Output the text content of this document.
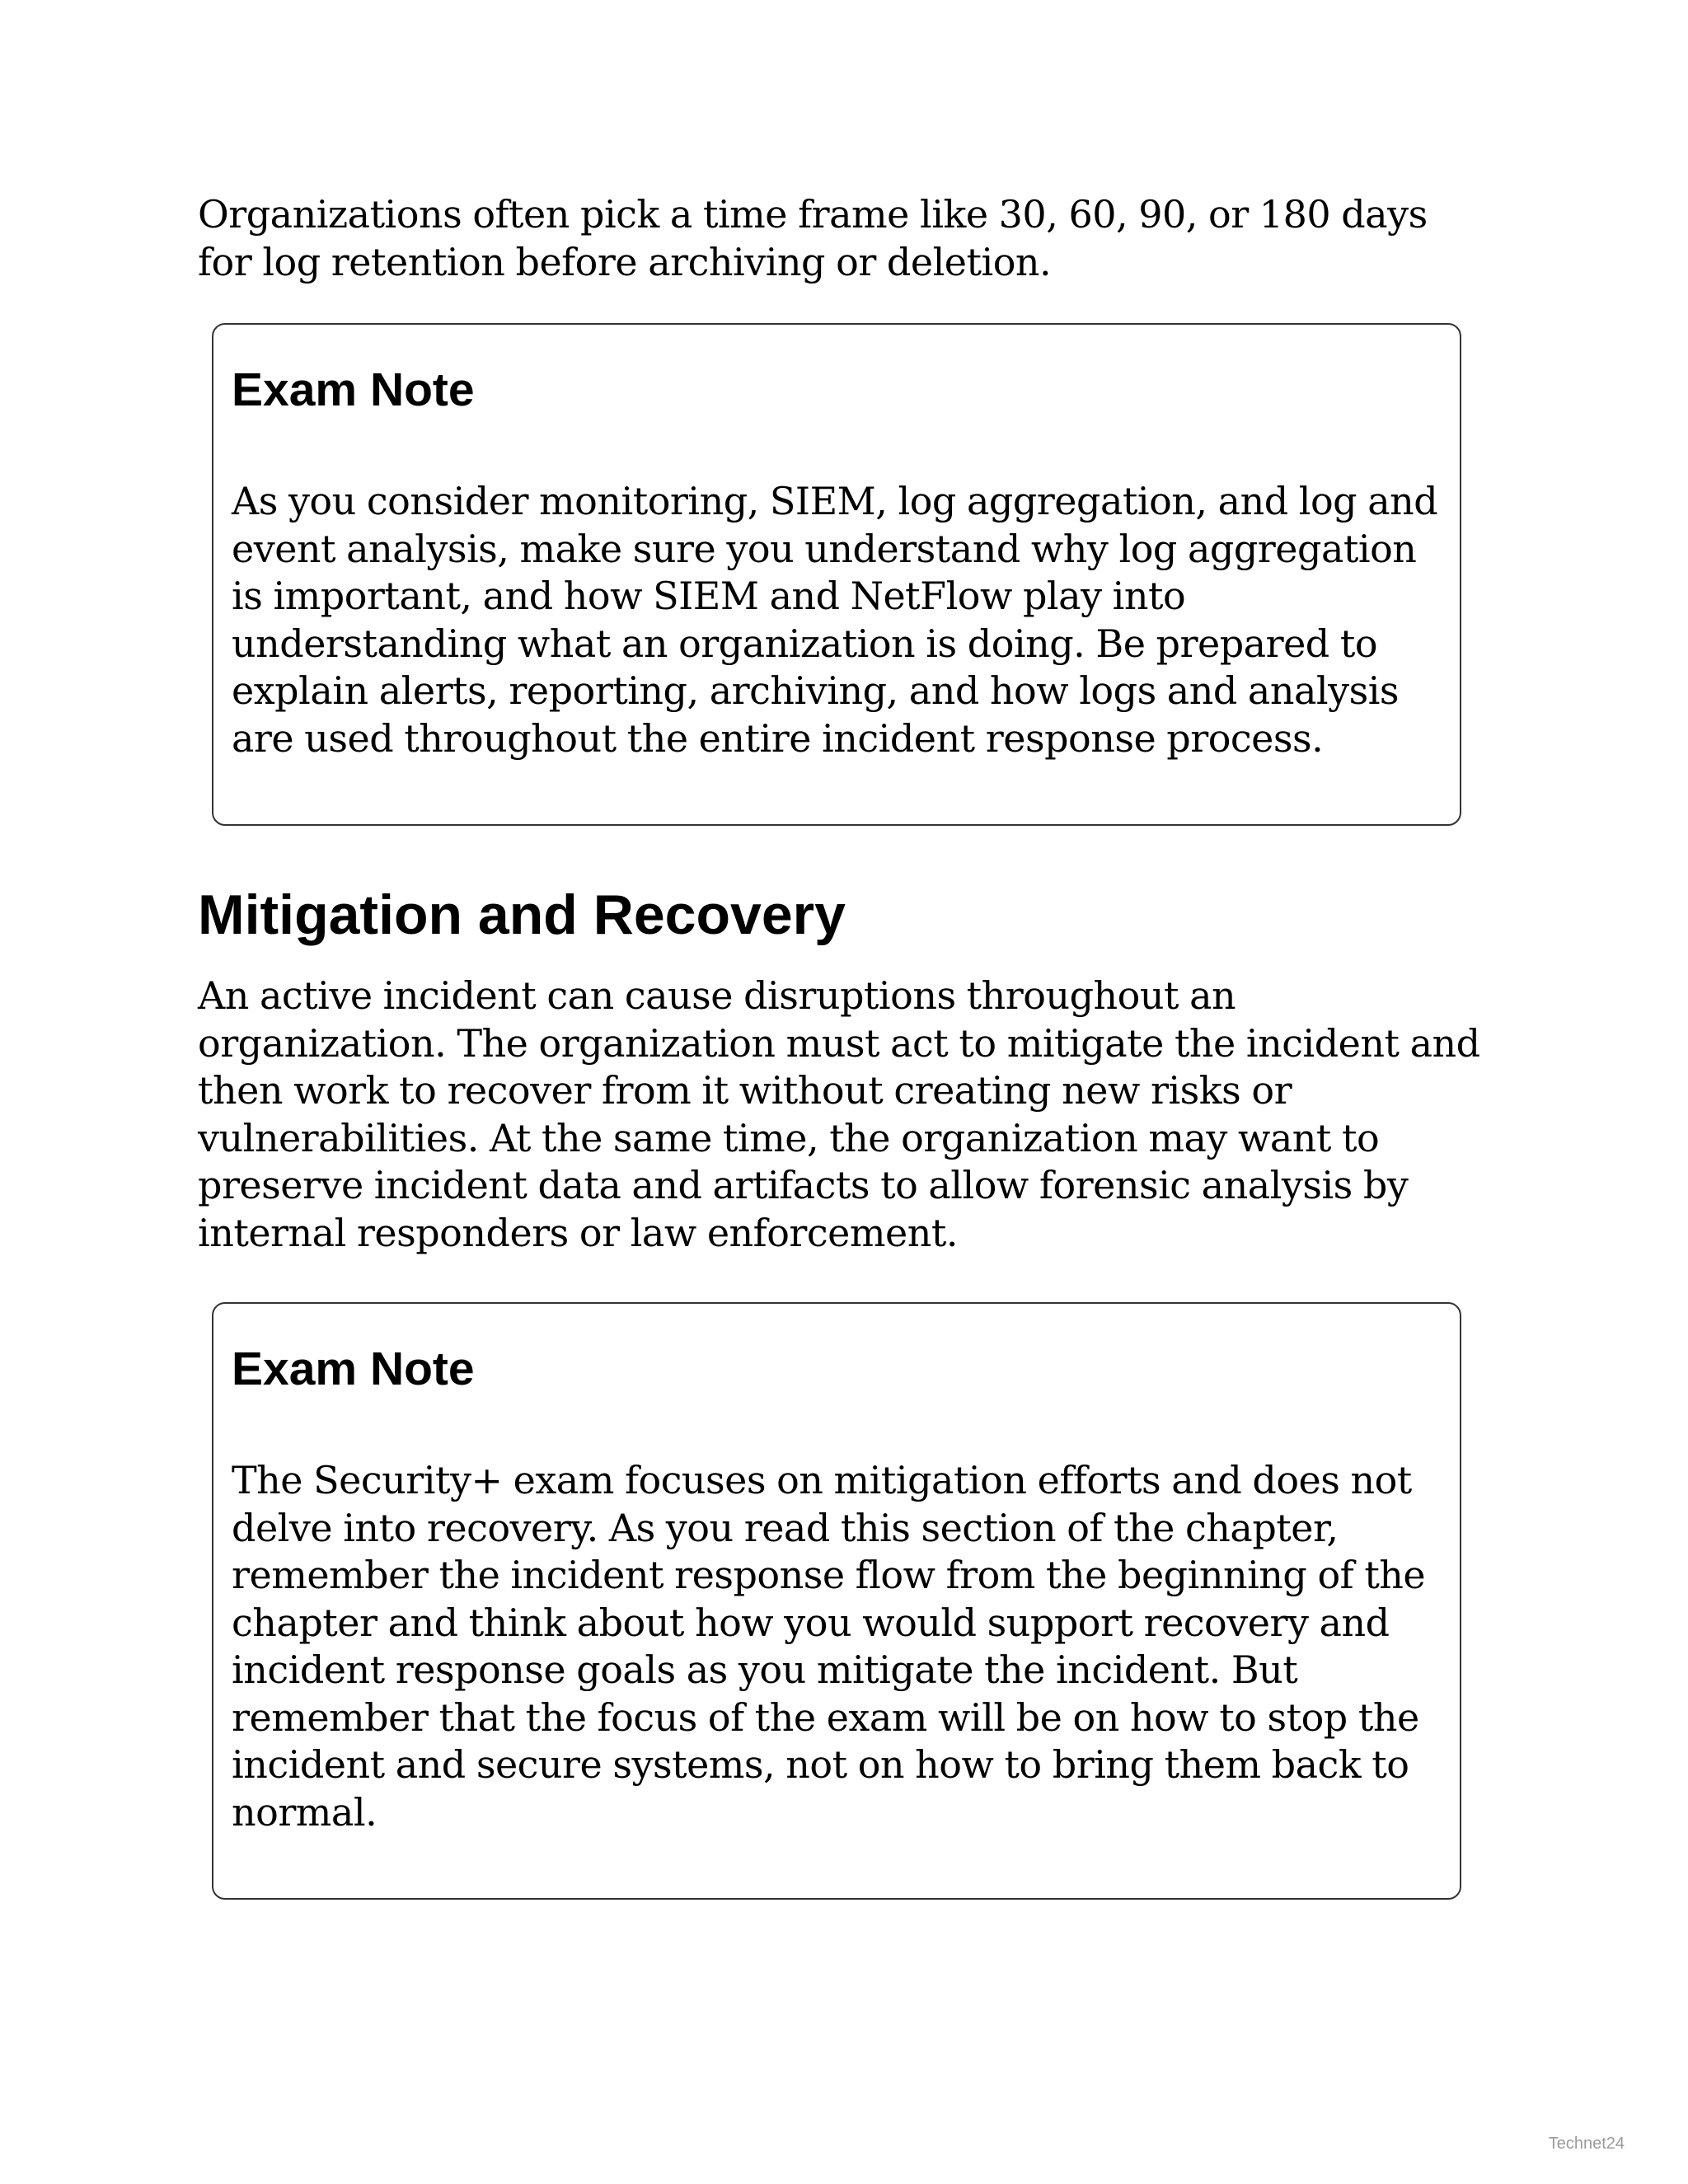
Organizations often pick a time frame like 30, 60, 90, or 180 days for log retention before archiving or deletion.

Exam Note

As you consider monitoring, SIEM, log aggregation, and log and event analysis, make sure you understand why log aggregation is important, and how SIEM and NetFlow play into understanding what an organization is doing. Be prepared to explain alerts, reporting, archiving, and how logs and analysis are used throughout the entire incident response process.

Mitigation and Recovery

An active incident can cause disruptions throughout an organization. The organization must act to mitigate the incident and then work to recover from it without creating new risks or vulnerabilities. At the same time, the organization may want to preserve incident data and artifacts to allow forensic analysis by internal responders or law enforcement.

Exam Note

The Security+ exam focuses on mitigation efforts and does not delve into recovery. As you read this section of the chapter, remember the incident response flow from the beginning of the chapter and think about how you would support recovery and incident response goals as you mitigate the incident. But remember that the focus of the exam will be on how to stop the incident and secure systems, not on how to bring them back to normal.

Technet24
